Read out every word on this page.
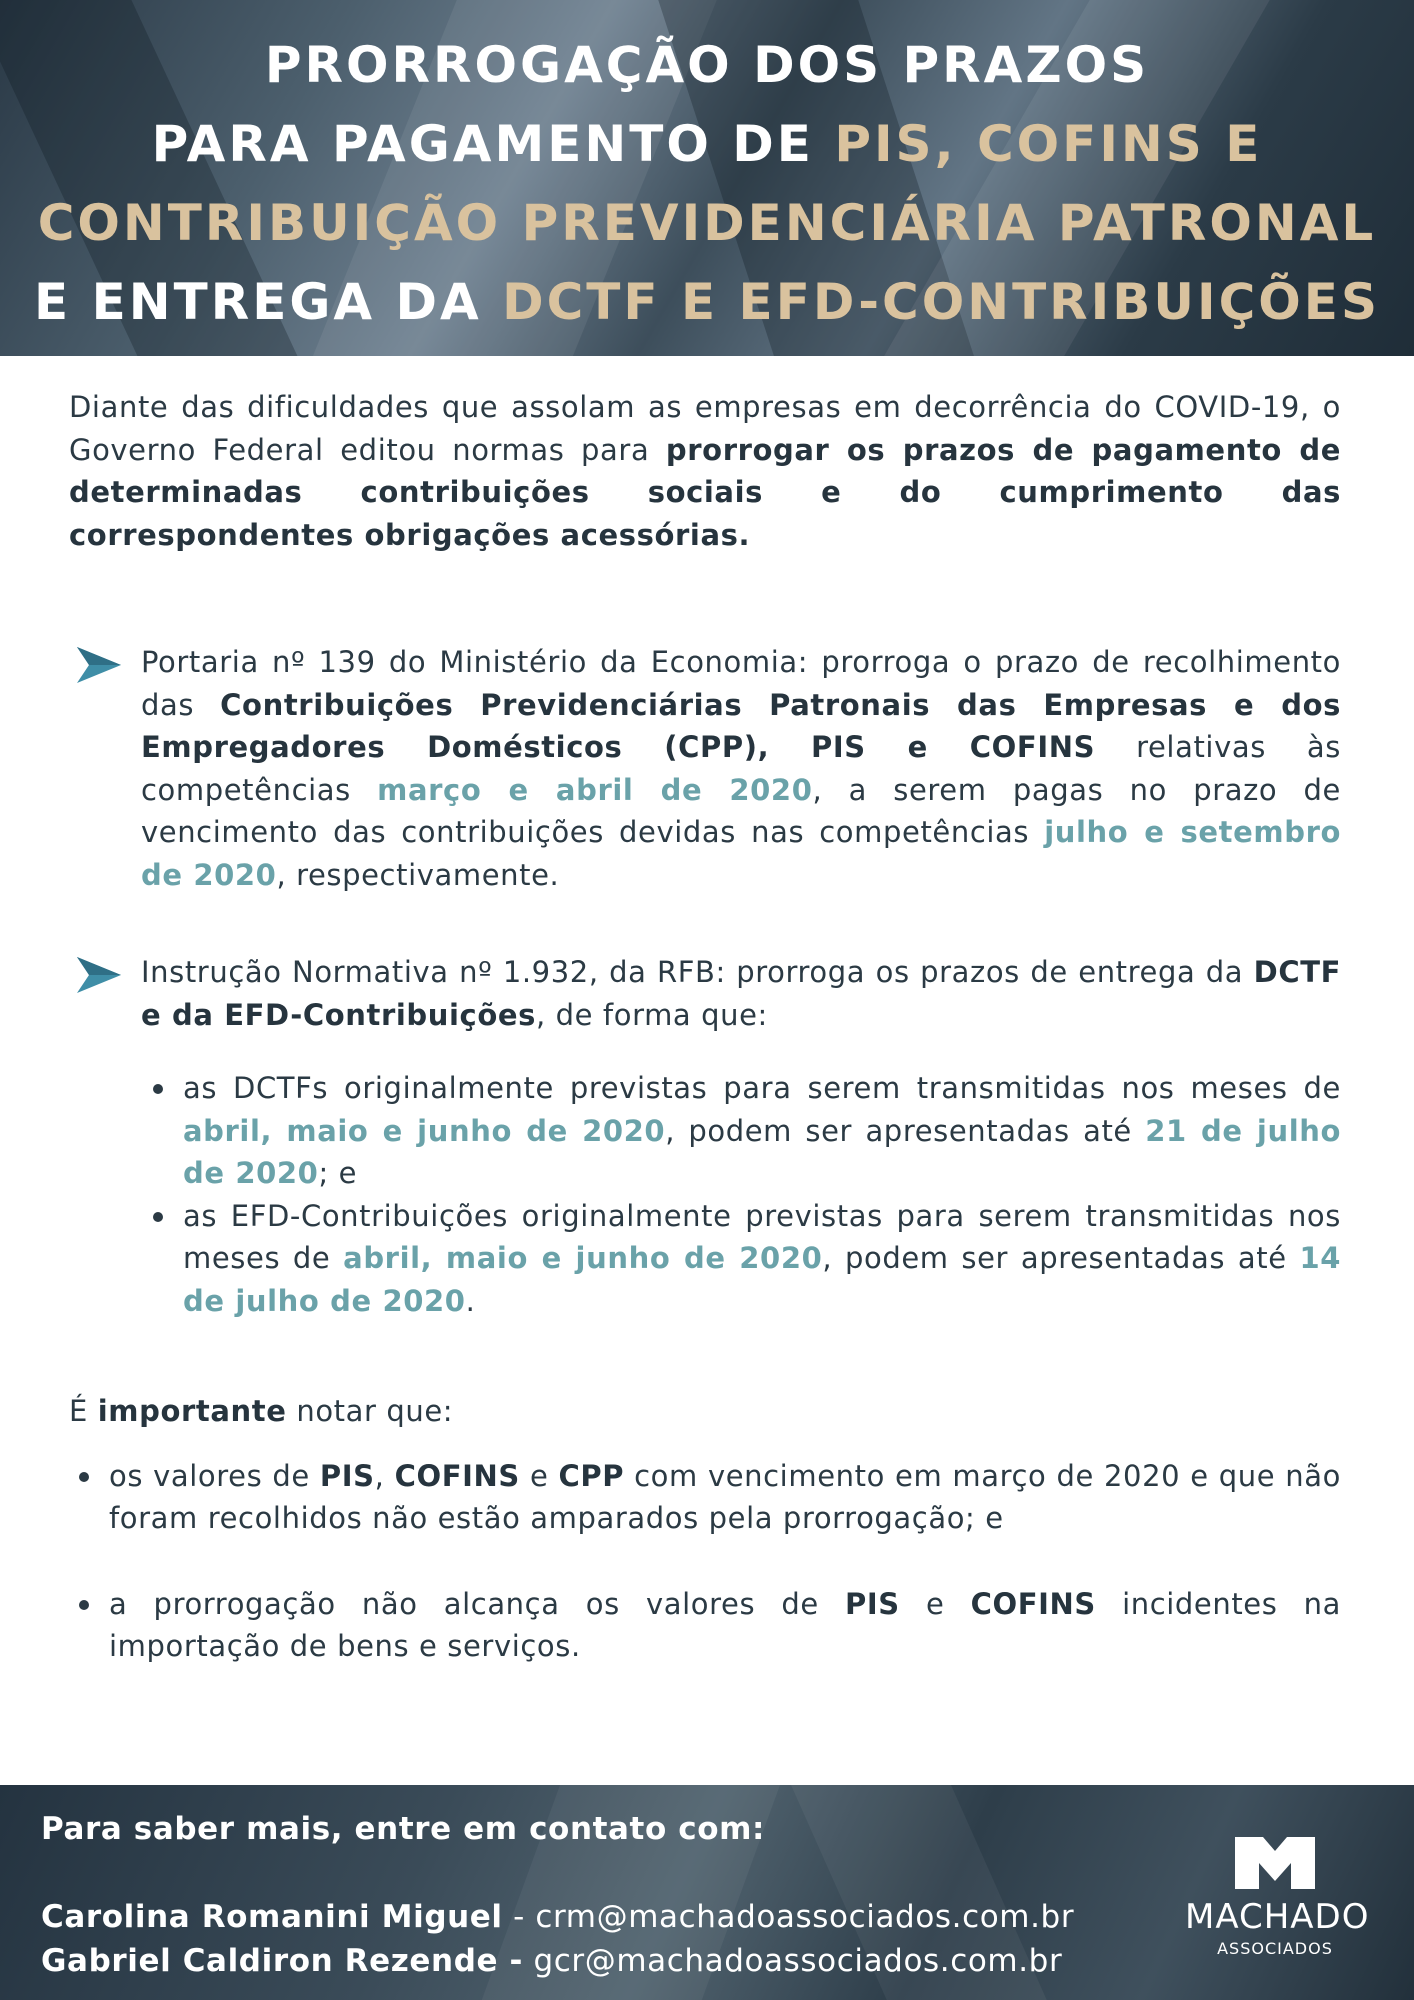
PRORROGAÇÃO DOS PRAZOS
PARA PAGAMENTO DE PIS, COFINS E
CONTRIBUIÇÃO PREVIDENCIÁRIA PATRONAL
E ENTREGA DA DCTF E EFD-CONTRIBUIÇÕES

Diante das dificuldades que assolam as empresas em decorrência do COVID-19, o Governo Federal editou normas para prorrogar os prazos de pagamento de determinadas contribuições sociais e do cumprimento das correspondentes obrigações acessórias.

Portaria nº 139 do Ministério da Economia: prorroga o prazo de recolhimento das Contribuições Previdenciárias Patronais das Empresas e dos Empregadores Domésticos (CPP), PIS e COFINS relativas às competências março e abril de 2020, a serem pagas no prazo de vencimento das contribuições devidas nas competências julho e setembro de 2020, respectivamente.

Instrução Normativa nº 1.932, da RFB: prorroga os prazos de entrega da DCTF e da EFD-Contribuições, de forma que:

as DCTFs originalmente previstas para serem transmitidas nos meses de abril, maio e junho de 2020, podem ser apresentadas até 21 de julho de 2020; e
as EFD-Contribuições originalmente previstas para serem transmitidas nos meses de abril, maio e junho de 2020, podem ser apresentadas até 14 de julho de 2020.

É importante notar que:

os valores de PIS, COFINS e CPP com vencimento em março de 2020 e que não foram recolhidos não estão amparados pela prorrogação; e
a prorrogação não alcança os valores de PIS e COFINS incidentes na importação de bens e serviços.
Para saber mais, entre em contato com:
Carolina Romanini Miguel - crm@machadoassociados.com.br
Gabriel Caldiron Rezende - gcr@machadoassociados.com.br
MACHADO
ASSOCIADOS
